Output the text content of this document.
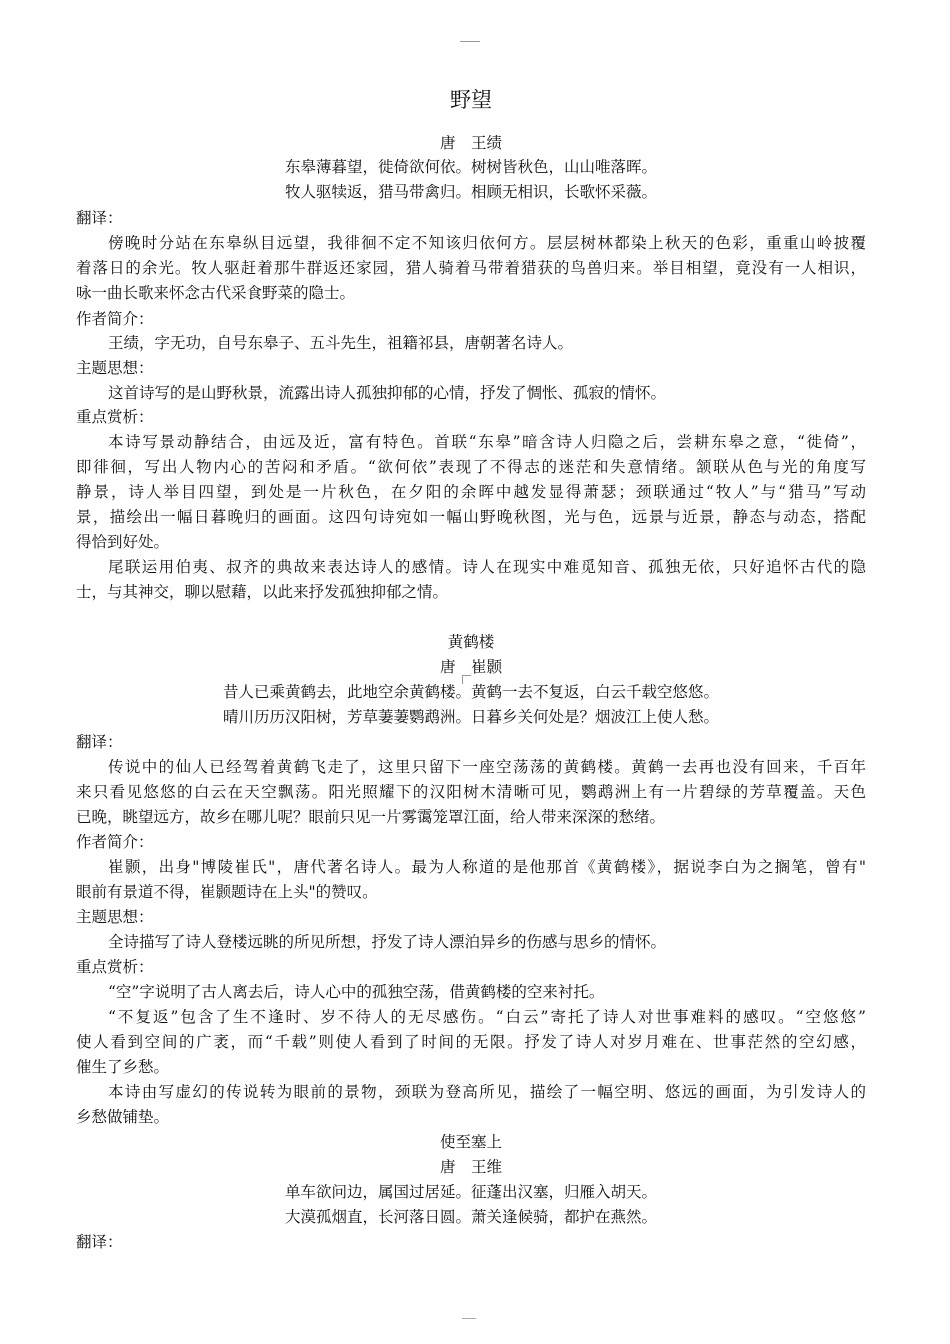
野望
唐　王绩
东皋薄暮望，徙倚欲何依。树树皆秋色，山山唯落晖。
牧人驱犊返，猎马带禽归。相顾无相识，长歌怀采薇。
翻译：
傍晚时分站在东皋纵目远望，我徘徊不定不知该归依何方。层层树林都染上秋天的色彩，重重山岭披覆
着落日的余光。牧人驱赶着那牛群返还家园，猎人骑着马带着猎获的鸟兽归来。举目相望，竟没有一人相识，
咏一曲长歌来怀念古代采食野菜的隐士。
作者简介：
王绩，字无功，自号东皋子、五斗先生，祖籍祁县，唐朝著名诗人。
主题思想：
这首诗写的是山野秋景，流露出诗人孤独抑郁的心情，抒发了惆怅、孤寂的情怀。
重点赏析：
本诗写景动静结合，由远及近，富有特色。首联“东皋”暗含诗人归隐之后，尝耕东皋之意，“徙倚”，
即徘徊，写出人物内心的苦闷和矛盾。“欲何依”表现了不得志的迷茫和失意情绪。颔联从色与光的角度写
静景，诗人举目四望，到处是一片秋色，在夕阳的余晖中越发显得萧瑟；颈联通过“牧人”与“猎马”写动
景，描绘出一幅日暮晚归的画面。这四句诗宛如一幅山野晚秋图，光与色，远景与近景，静态与动态，搭配
得恰到好处。
尾联运用伯夷、叔齐的典故来表达诗人的感情。诗人在现实中难觅知音、孤独无依，只好追怀古代的隐
士，与其神交，聊以慰藉，以此来抒发孤独抑郁之情。
黄鹤楼
唐　崔颢
昔人已乘黄鹤去，此地空余黄鹤楼。黄鹤一去不复返，白云千载空悠悠。
晴川历历汉阳树，芳草萋萋鹦鹉洲。日暮乡关何处是？烟波江上使人愁。
翻译：
传说中的仙人已经驾着黄鹤飞走了，这里只留下一座空荡荡的黄鹤楼。黄鹤一去再也没有回来，千百年
来只看见悠悠的白云在天空飘荡。阳光照耀下的汉阳树木清晰可见，鹦鹉洲上有一片碧绿的芳草覆盖。天色
已晚，眺望远方，故乡在哪儿呢？眼前只见一片雾霭笼罩江面，给人带来深深的愁绪。
作者简介：
崔颢，出身"博陵崔氏"，唐代著名诗人。最为人称道的是他那首《黄鹤楼》，据说李白为之搁笔，曾有"
眼前有景道不得，崔颢题诗在上头"的赞叹。
主题思想：
全诗描写了诗人登楼远眺的所见所想，抒发了诗人漂泊异乡的伤感与思乡的情怀。
重点赏析：
“空”字说明了古人离去后，诗人心中的孤独空荡，借黄鹤楼的空来衬托。
“不复返”包含了生不逢时、岁不待人的无尽感伤。“白云”寄托了诗人对世事难料的感叹。“空悠悠”
使人看到空间的广袤，而“千载”则使人看到了时间的无限。抒发了诗人对岁月难在、世事茫然的空幻感，
催生了乡愁。
本诗由写虚幻的传说转为眼前的景物，颈联为登高所见，描绘了一幅空明、悠远的画面，为引发诗人的
乡愁做铺垫。
使至塞上
唐　王维
单车欲问边，属国过居延。征蓬出汉塞，归雁入胡天。
大漠孤烟直，长河落日圆。萧关逢候骑，都护在燕然。
翻译：
